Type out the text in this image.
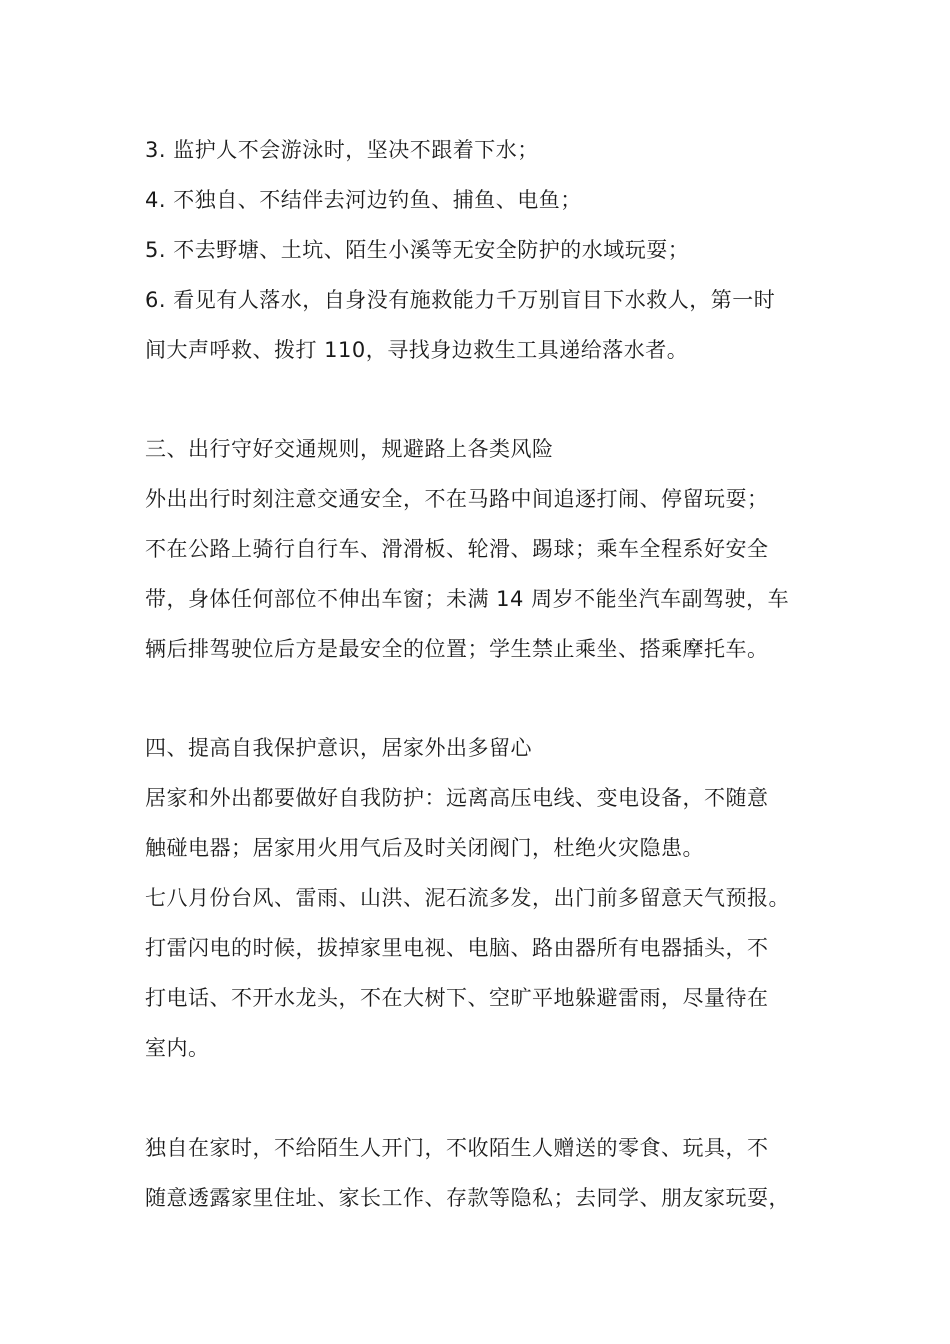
3. 监护人不会游泳时，坚决不跟着下水；
4. 不独自、不结伴去河边钓鱼、捕鱼、电鱼；
5. 不去野塘、土坑、陌生小溪等无安全防护的水域玩耍；
6. 看见有人落水，自身没有施救能力千万别盲目下水救人，第一时
间大声呼救、拨打 110，寻找身边救生工具递给落水者。
三、出行守好交通规则，规避路上各类风险
外出出行时刻注意交通安全，不在马路中间追逐打闹、停留玩耍；
不在公路上骑行自行车、滑滑板、轮滑、踢球；乘车全程系好安全
带，身体任何部位不伸出车窗；未满 14 周岁不能坐汽车副驾驶，车
辆后排驾驶位后方是最安全的位置；学生禁止乘坐、搭乘摩托车。
四、提高自我保护意识，居家外出多留心
居家和外出都要做好自我防护：远离高压电线、变电设备，不随意
触碰电器；居家用火用气后及时关闭阀门，杜绝火灾隐患。
七八月份台风、雷雨、山洪、泥石流多发，出门前多留意天气预报。
打雷闪电的时候，拔掉家里电视、电脑、路由器所有电器插头，不
打电话、不开水龙头，不在大树下、空旷平地躲避雷雨，尽量待在
室内。
独自在家时，不给陌生人开门，不收陌生人赠送的零食、玩具，不
随意透露家里住址、家长工作、存款等隐私；去同学、朋友家玩耍，
